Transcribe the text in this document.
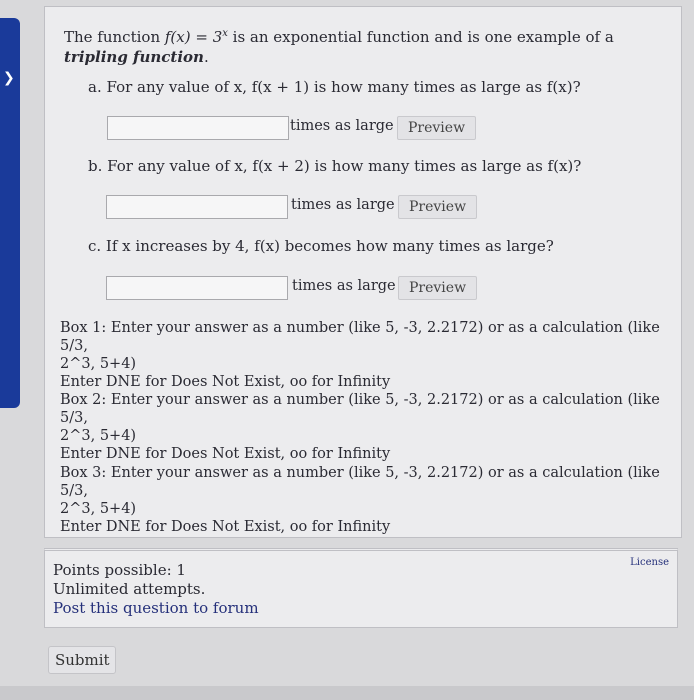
❯
The function $f(x) = 3^x$ is an exponential function and is one example of a tripling function.
a. For any value of x, f(x + 1) is how many times as large as f(x)?
times as large	Preview
b. For any value of x, f(x + 2) is how many times as large as f(x)?
times as large	Preview
c. If x increases by 4, f(x) becomes how many times as large?
times as large Preview
Box 1: Enter your answer as a number (like 5, -3, 2.2172) or as a calculation (like 5/3,
2^3, 5+4)
Enter DNE for Does Not Exist, oo for Infinity
Box 2: Enter your answer as a number (like 5, -3, 2.2172) or as a calculation (like 5/3,
2^3, 5+4)
Enter DNE for Does Not Exist, oo for Infinity
Box 3: Enter your answer as a number (like 5, -3, 2.2172) or as a calculation (like 5/3,
2^3, 5+4)
Enter DNE for Does Not Exist, oo for Infinity
License
Points possible: 1
Unlimited attempts.
Post this question to forum
Submit
